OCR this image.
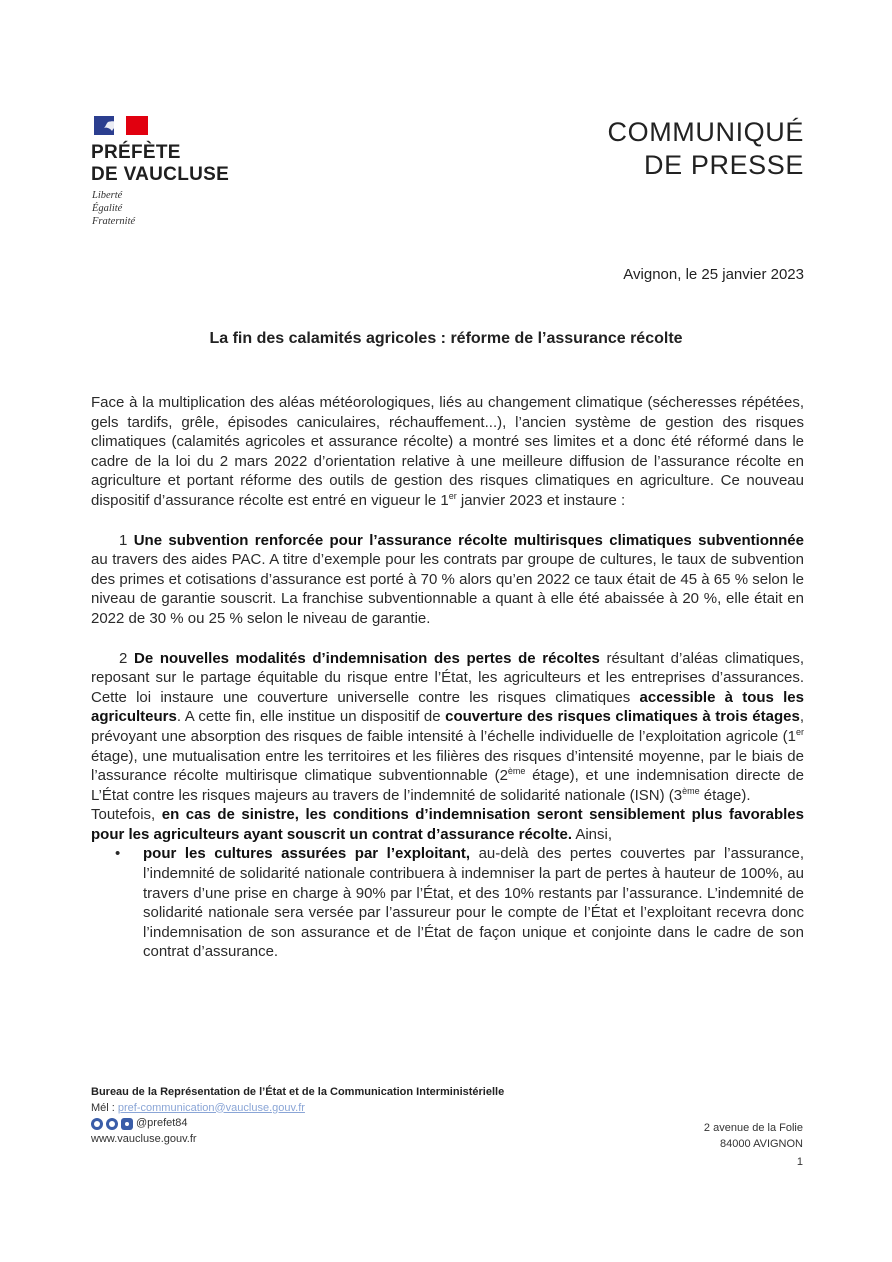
PRÉFÈTE
DE VAUCLUSE
Liberté
Égalité
Fraternité
COMMUNIQUÉ
DE PRESSE
Avignon, le 25 janvier 2023
La fin des calamités agricoles : réforme de l’assurance récolte

Face à la multiplication des aléas météorologiques, liés au changement climatique (sécheresses répétées, gels tardifs, grêle, épisodes caniculaires, réchauffement...), l’ancien système de gestion des risques climatiques (calamités agricoles et assurance récolte) a montré ses limites et a donc été réformé dans le cadre de la loi du 2 mars 2022 d’orientation relative à une meilleure diffusion de l’assurance récolte en agriculture et portant réforme des outils de gestion des risques climatiques en agriculture. Ce nouveau dispositif d’assurance récolte est entré en vigueur le 1er janvier 2023 et instaure :

1 Une subvention renforcée pour l’assurance récolte multirisques climatiques subventionnée au travers des aides PAC. A titre d’exemple pour les contrats par groupe de cultures, le taux de subvention des primes et cotisations d’assurance est porté à 70 % alors qu’en 2022 ce taux était de 45 à 65 % selon le niveau de garantie souscrit. La franchise subventionnable a quant à elle été abaissée à 20 %, elle était en 2022 de 30 % ou 25 % selon le niveau de garantie.

2 De nouvelles modalités d’indemnisation des pertes de récoltes résultant d’aléas climatiques, reposant sur le partage équitable du risque entre l’État, les agriculteurs et les entreprises d’assurances. Cette loi instaure une couverture universelle contre les risques climatiques accessible à tous les agriculteurs. A cette fin, elle institue un dispositif de couverture des risques climatiques à trois étages, prévoyant une absorption des risques de faible intensité à l’échelle individuelle de l’exploitation agricole (1er étage), une mutualisation entre les territoires et les filières des risques d’intensité moyenne, par le biais de l’assurance récolte multirisque climatique subventionnable (2ème étage), et une indemnisation directe de L’État contre les risques majeurs au travers de l’indemnité de solidarité nationale (ISN) (3ème étage).

Toutefois, en cas de sinistre, les conditions d’indemnisation seront sensiblement plus favorables pour les agriculteurs ayant souscrit un contrat d’assurance récolte. Ainsi,

• pour les cultures assurées par l’exploitant, au-delà des pertes couvertes par l’assurance, l’indemnité de solidarité nationale contribuera à indemniser la part de pertes à hauteur de 100%, au travers d’une prise en charge à 90% par l’État, et des 10% restants par l’assurance. L’indemnité de solidarité nationale sera versée par l’assureur pour le compte de l’État et l’exploitant recevra donc l’indemnisation de son assurance et de l’État de façon unique et conjointe dans le cadre de son contrat d’assurance.
Bureau de la Représentation de l’État et de la Communication Interministérielle
Mél : pref-communication@vaucluse.gouv.fr
@prefet84
www.vaucluse.gouv.fr
2 avenue de la Folie
84000 AVIGNON
1
